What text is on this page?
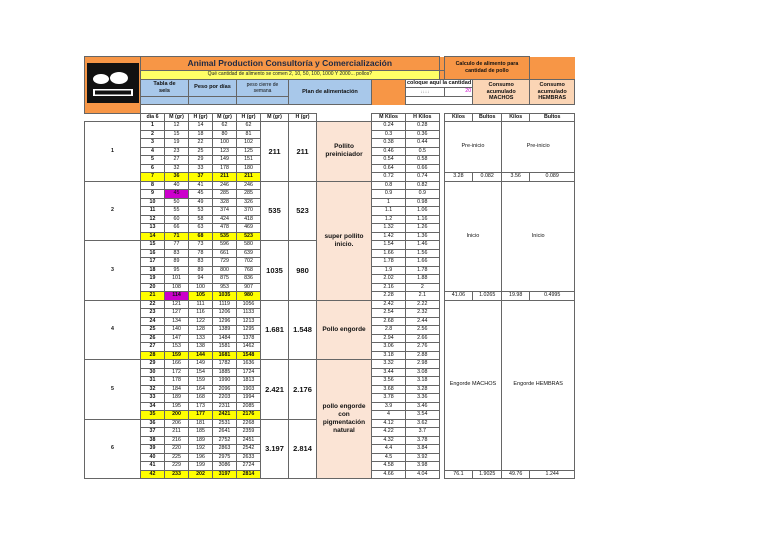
	Animal Production Consultoría y Comercialización											Calculo de alimento para cantidad de pollo			
	Qué cantidad de alimento se comen 2, 10, 50, 100, 1000 Y 2000... pollos?														
	Tabla de
seis		Peso por días		peso cierre de semana		Plan de alimentación			coloque aquí la cantidad			Consumo acumulado MACHOS		Consumo acumulado HEMBRAS
										↓↓↓↓		20			

	dia 6	M (gr)	H (gr)	M (gr)	H (gr)	M (gr)	H (gr)		M Kilos	H Kilos		Kilos	Bultos	Kilos	Bultos
1	1	12	14	62	62	211	211	Pollito preiniciador	0.24	0.28		Pre-inicio		Pre-inicio	
	2	15	18	80	81				0.3	0.36					
	3	19	22	100	102				0.38	0.44					
	4	23	25	123	125				0.46	0.5					
	5	27	29	149	151				0.54	0.58					
	6	32	33	178	180				0.64	0.66					
	7	36	37	211	211				0.72	0.74		3.28	0.082	3.56	0.089
2	8	40	41	246	246	535	523	super pollito inicio.	0.8	0.82		Inicio		Inicio	
	9	45	45	285	285				0.9	0.9					
	10	50	49	328	326				1	0.98					
	11	55	53	374	370				1.1	1.06					
	12	60	58	424	418				1.2	1.16					
	13	66	63	478	469				1.32	1.26					
	14	71	68	535	523				1.42	1.36					
3	15	77	73	596	580	1035	980		1.54	1.46					
	16	83	78	661	639				1.66	1.56					
	17	89	83	729	702				1.78	1.66					
	18	95	89	800	768				1.9	1.78					
	19	101	94	875	836				2.02	1.88					
	20	108	100	953	907				2.16	2					
	21	114	105	1035	980				2.28	2.1		41.06	1.0265	19.98	0.4995
4	22	121	111	1119	1056	1.681	1.548	Pollo engorde	2.42	2.22		Engorde MACHOS		Engorde HEMBRAS	
	23	127	116	1206	1133				2.54	2.32					
	24	134	122	1296	1213				2.68	2.44					
	25	140	128	1389	1295				2.8	2.56					
	26	147	133	1484	1378				2.94	2.66					
	27	153	138	1581	1462				3.06	2.76					
	28	159	144	1681	1548				3.18	2.88					
5	29	166	149	1782	1636	2.421	2.176	pollo engorde con pigmentación natural	3.32	2.98					
	30	172	154	1885	1724				3.44	3.08					
	31	178	159	1990	1813				3.56	3.18					
	32	184	164	2096	1903				3.68	3.28					
	33	189	168	2203	1994				3.78	3.36					
	34	195	173	2311	2085				3.9	3.46					
	35	200	177	2421	2176				4	3.54					
6	36	206	181	2531	2268	3.197	2.814		4.12	3.62					
	37	211	185	2641	2359				4.22	3.7					
	38	216	189	2752	2451				4.32	3.78					
	39	220	192	2863	2542				4.4	3.84					
	40	225	196	2975	2633				4.5	3.92					
	41	229	199	3086	2724				4.58	3.98					
	42	233	202	3197	2814				4.66	4.04		76.1	1.9025	49.76	1.244
